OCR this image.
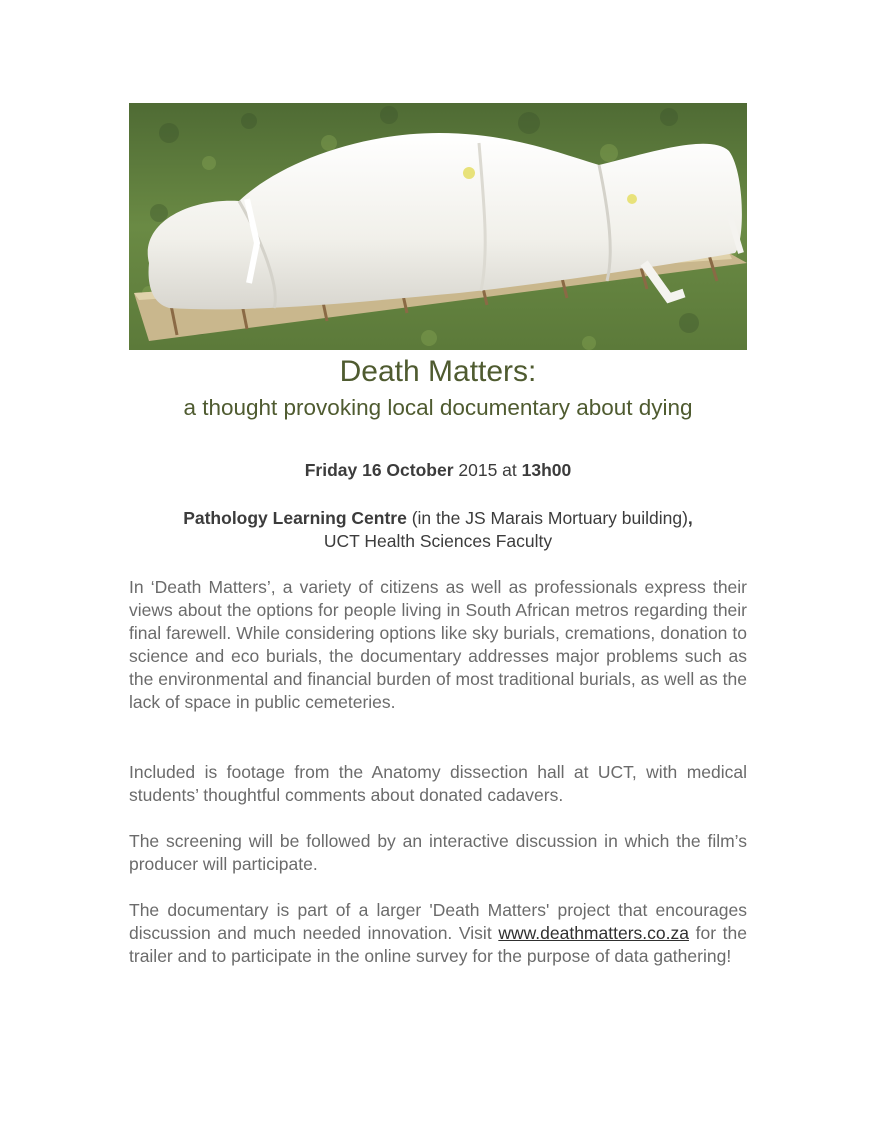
Death Matters:
a thought provoking local documentary about dying

Friday 16 October 2015 at 13h00

Pathology Learning Centre (in the JS Marais Mortuary building),

UCT Health Sciences Faculty

In ‘Death Matters’, a variety of citizens as well as professionals express their views about the options for people living in South African metros regarding their final farewell. While considering options like sky burials, cremations, donation to science and eco burials, the documentary addresses major problems such as the environmental and financial burden of most traditional burials, as well as the lack of space in public cemeteries.

Included is footage from the Anatomy dissection hall at UCT, with medical students’ thoughtful comments about donated cadavers.

The screening will be followed by an interactive discussion in which the film’s producer will participate.

The documentary is part of a larger 'Death Matters' project that encourages discussion and much needed innovation. Visit www.deathmatters.co.za for the trailer and to participate in the online survey for the purpose of data gathering!
